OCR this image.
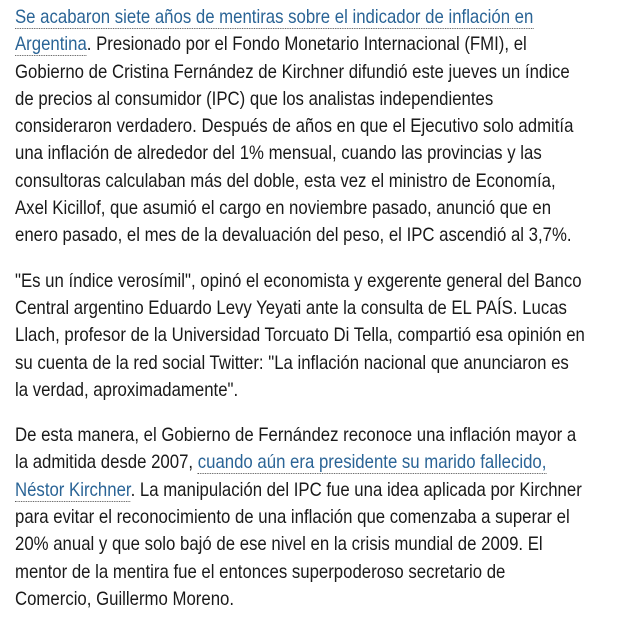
Se acabaron siete años de mentiras sobre el indicador de inflación en
Argentina. Presionado por el Fondo Monetario Internacional (FMI), el
Gobierno de Cristina Fernández de Kirchner difundió este jueves un índice
de precios al consumidor (IPC) que los analistas independientes
consideraron verdadero. Después de años en que el Ejecutivo solo admitía
una inflación de alrededor del 1% mensual, cuando las provincias y las
consultoras calculaban más del doble, esta vez el ministro de Economía,
Axel Kicillof, que asumió el cargo en noviembre pasado, anunció que en
enero pasado, el mes de la devaluación del peso, el IPC ascendió al 3,7%.

"Es un índice verosímil", opinó el economista y exgerente general del Banco
Central argentino Eduardo Levy Yeyati ante la consulta de EL PAÍS. Lucas
Llach, profesor de la Universidad Torcuato Di Tella, compartió esa opinión en
su cuenta de la red social Twitter: "La inflación nacional que anunciaron es
la verdad, aproximadamente".

De esta manera, el Gobierno de Fernández reconoce una inflación mayor a
la admitida desde 2007, cuando aún era presidente su marido fallecido,
Néstor Kirchner. La manipulación del IPC fue una idea aplicada por Kirchner
para evitar el reconocimiento de una inflación que comenzaba a superar el
20% anual y que solo bajó de ese nivel en la crisis mundial de 2009. El
mentor de la mentira fue el entonces superpoderoso secretario de
Comercio, Guillermo Moreno.
